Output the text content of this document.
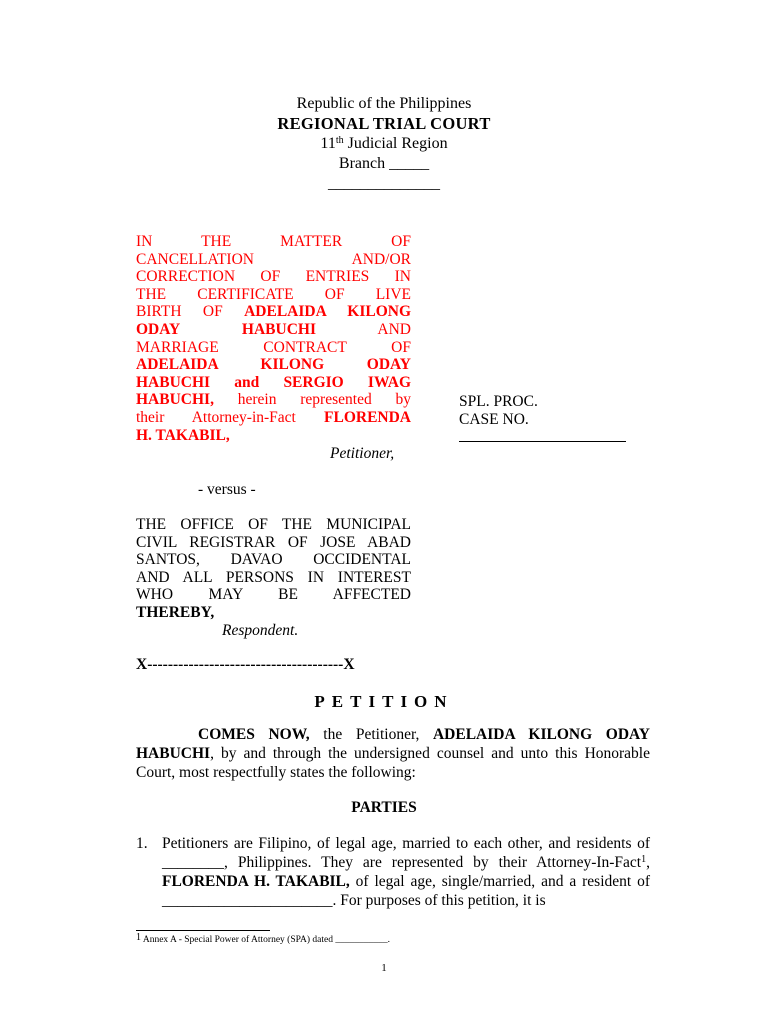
Republic of the Philippines
REGIONAL TRIAL COURT
11th Judicial Region
Branch _____
______________
IN THE MATTER OF
CANCELLATION AND/OR
CORRECTION OF ENTRIES IN
THE CERTIFICATE OF LIVE
BIRTH OF ADELAIDA KILONG
ODAY HABUCHI AND
MARRIAGE CONTRACT OF
ADELAIDA KILONG ODAY
HABUCHI and SERGIO IWAG
HABUCHI, herein represented by
their Attorney-in-Fact FLORENDA
H. TAKABIL,
Petitioner,
- versus -
THE OFFICE OF THE MUNICIPAL
CIVIL REGISTRAR OF JOSE ABAD
SANTOS, DAVAO OCCIDENTAL
AND ALL PERSONS IN INTEREST
WHO MAY BE AFFECTED
THEREBY,
Respondent.
SPL. PROC.
CASE NO.
X--------------------------------------X
PETITION
COMES NOW, the Petitioner, ADELAIDA KILONG ODAY HABUCHI, by and through the undersigned counsel and unto this Honorable Court, most respectfully states the following:
PARTIES
1. Petitioners are Filipino, of legal age, married to each other, and residents of ________, Philippines. They are represented by their Attorney-In-Fact$^1$, FLORENDA H. TAKABIL, of legal age, single/married, and a resident of ______________________. For purposes of this petition, it is
$^1$ Annex A - Special Power of Attorney (SPA) dated ___________.
1
